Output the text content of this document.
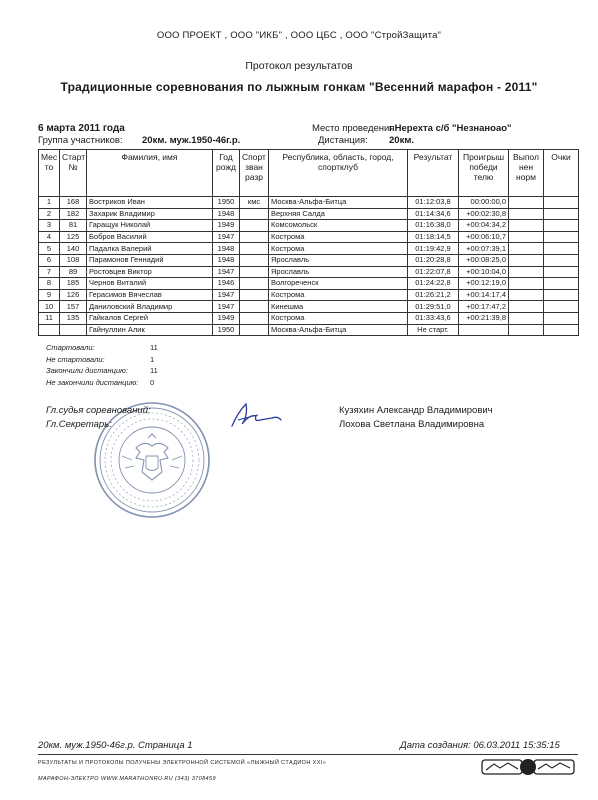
ООО ПРОЕКТ , ООО "ИКБ" , ООО ЦБС , ООО "СтройЗащита"
Протокол результатов
Традиционные соревнования по лыжным гонкам "Весенний марафон - 2011"
6 марта 2011 года
Группа участников: 20км. муж.1950-46г.р.
Место проведения:
г.Нерехта с/б "Незнаноао"
Дистанция: 20км.
Мес то	Старт №	Фамилия, имя	Год рожд	Спорт зван разр	Республика, область, город, спортклуб	Результат	Проигрыш победи телю	Выпол нен норм	Очки
1	168	Востриков Иван	1950	кмс	Москва-Альфа-Битца	01:12:03,8	00:00:00,0		
2	182	Захарик Владимир	1948		Верхняя Салда	01:14:34,6	+00:02:30,8		
3	81	Гаращук Николай	1949		Комсомольск	01:16:38,0	+00:04:34,2		
4	125	Бобров Василий	1947		Кострома	01:18:14,5	+00:06:10,7		
5	140	Падалка Валерий	1948		Кострома	01:19:42,9	+00:07:39,1		
6	108	Парамонов Геннадий	1948		Ярославль	01:20:28,8	+00:08:25,0		
7	89	Ростовцев Виктор	1947		Ярославль	01:22:07,8	+00:10:04,0		
8	185	Чернов Виталий	1946		Волгореченск	01:24:22,8	+00:12:19,0		
9	126	Герасимов Вячеслав	1947		Кострома	01:26:21,2	+00:14:17,4		
10	157	Даниловский Владимир	1947		Кинешма	01:29:51,0	+00:17:47,2		
11	135	Гайкалов Сергей	1949		Кострома	01:33:43,6	+00:21:39,8		
		Гайнуллин Алик	1950		Москва-Альфа-Битца	Не старт.			
Стартовали:	11
Не стартовали:	1
Закончили дистанцию:	11
Не закончили дистанцию: 0
Гл.судья соревнований:	Кузяхин Александр Владимирович
Гл.Секретарь:	Лохова Светлана Владимировна
20км. муж.1950-46г.р. Страница 1	Дата создания: 06.03.2011 15:35:15
РЕЗУЛЬТАТЫ И ПРОТОКОЛЫ ПОЛУЧЕНЫ ЭЛЕКТРОННОЙ СИСТЕМОЙ «ЛЫЖНЫЙ СТАДИОН XXI»
МАРАФОН-ЭЛЕКТРО WWW.MARATHONRU.RU (343) 3708459
